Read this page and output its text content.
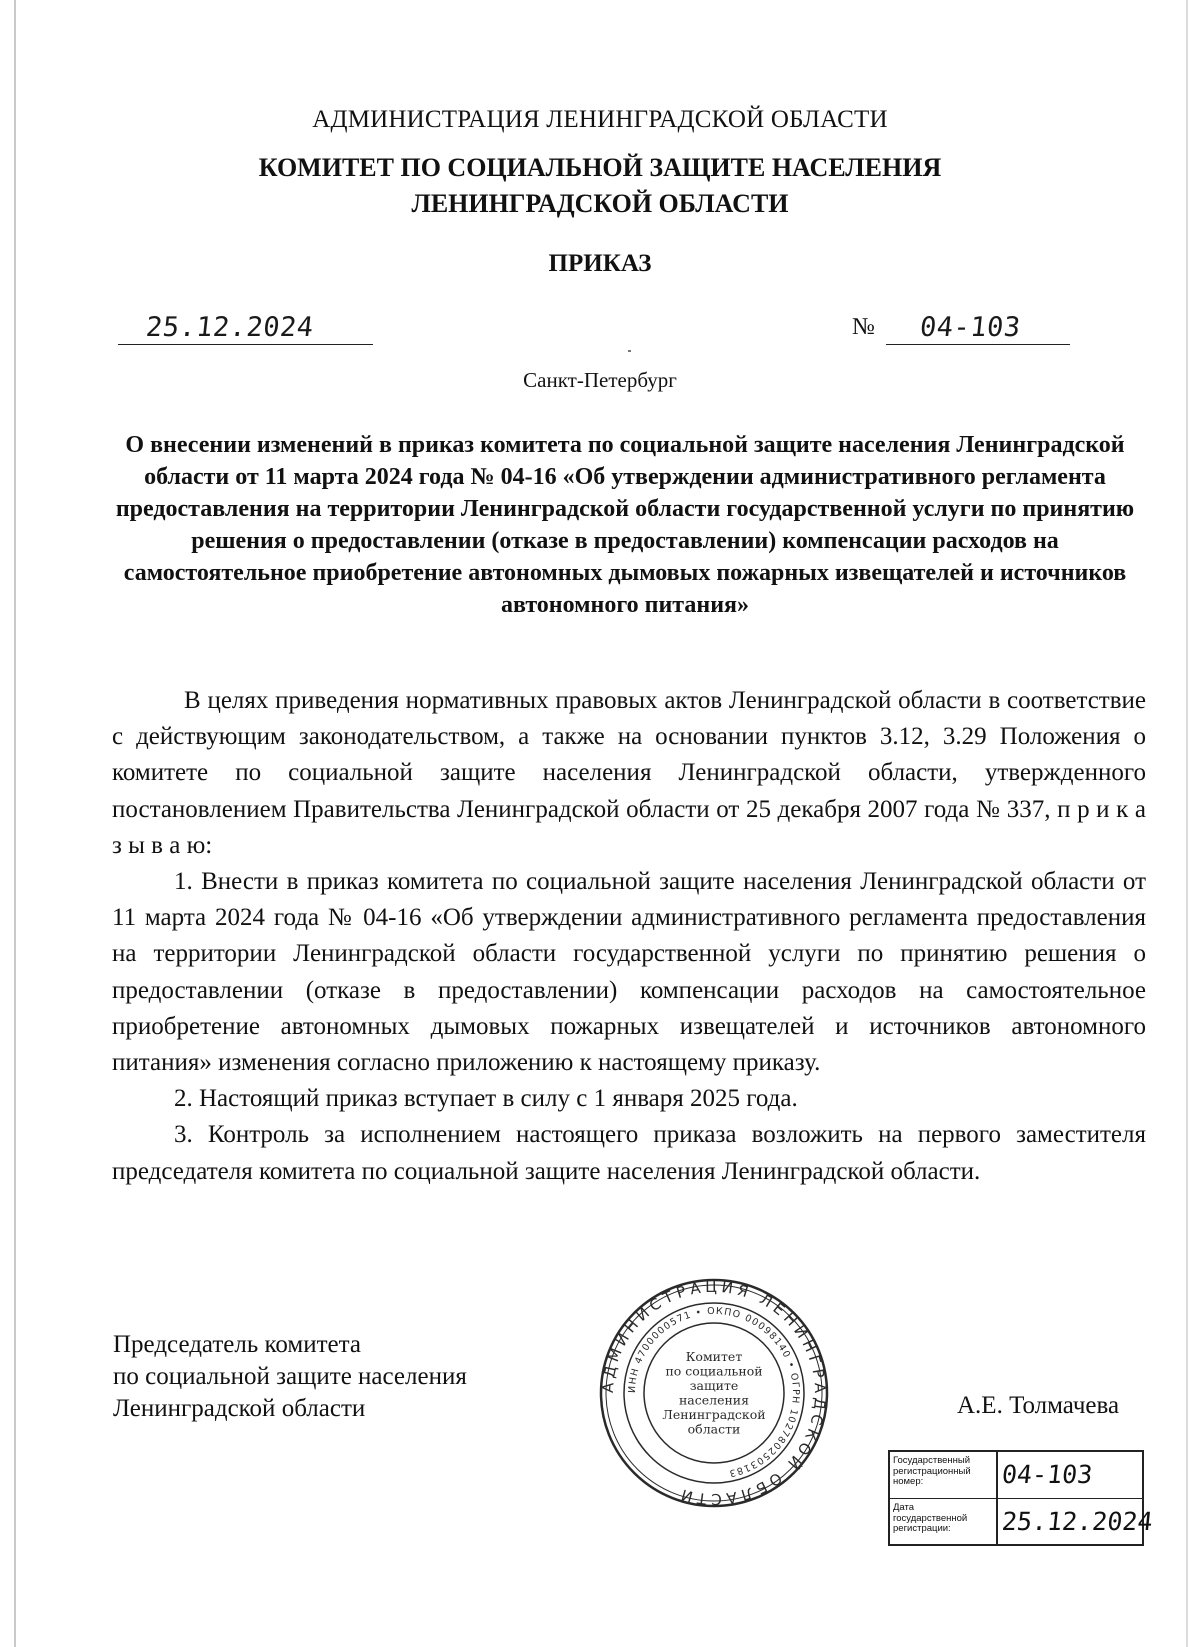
АДМИНИСТРАЦИЯ ЛЕНИНГРАДСКОЙ ОБЛАСТИ
КОМИТЕТ ПО СОЦИАЛЬНОЙ ЗАЩИТЕ НАСЕЛЕНИЯ
ЛЕНИНГРАДСКОЙ ОБЛАСТИ
ПРИКАЗ
25.12.2024	№ 04-103
Санкт-Петербург
О внесении изменений в приказ комитета по социальной защите населения Ленинградской области от 11 марта 2024 года № 04-16 «Об утверждении административного регламента предоставления на территории Ленинградской области государственной услуги по принятию решения о предоставлении (отказе в предоставлении) компенсации расходов на самостоятельное приобретение автономных дымовых пожарных извещателей и источников автономного питания»

В целях приведения нормативных правовых актов Ленинградской области в соответствие с действующим законодательством, а также на основании пунктов 3.12, 3.29 Положения о комитете по социальной защите населения Ленинградской области, утвержденного постановлением Правительства Ленинградской области от 25 декабря 2007 года № 337, п р и к а з ы в а ю:

1. Внести в приказ комитета по социальной защите населения Ленинградской области от 11 марта 2024 года № 04-16 «Об утверждении административного регламента предоставления на территории Ленинградской области государственной услуги по принятию решения о предоставлении (отказе в предоставлении) компенсации расходов на самостоятельное приобретение автономных дымовых пожарных извещателей и источников автономного питания» изменения согласно приложению к настоящему приказу.

2. Настоящий приказ вступает в силу с 1 января 2025 года.

3. Контроль за исполнением настоящего приказа возложить на первого заместителя председателя комитета по социальной защите населения Ленинградской области.

Председатель комитета
по социальной защите населения
Ленинградской области
АДМИНИСТРАЦИЯ ЛЕНИНГРАДСКОЙ ОБЛАСТИ
ИНН 4700000571 • ОКПО 00098140 • ОГРН 1027802503183
Комитет
по социальной
защите
населения
Ленинградской
области
А.Е. Толмачева
Государственный
регистрационный
номер:	04-103
Дата
государственной
регистрации:	25.12.2024
